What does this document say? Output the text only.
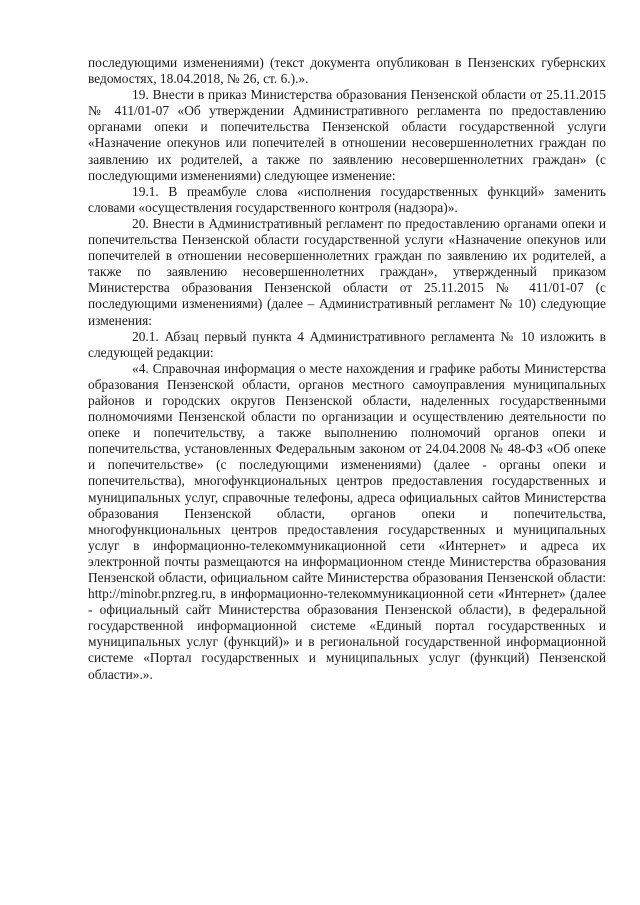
последующими изменениями) (текст документа опубликован в Пензенских губернских ведомостях, 18.04.2018, № 26, ст. 6.).».

19. Внести в приказ Министерства образования Пензенской области от 25.11.2015 № 411/01-07 «Об утверждении Административного регламента по предоставлению органами опеки и попечительства Пензенской области государственной услуги «Назначение опекунов или попечителей в отношении несовершеннолетних граждан по заявлению их родителей, а также по заявлению несовершеннолетних граждан» (с последующими изменениями) следующее изменение:

19.1. В преамбуле слова «исполнения государственных функций» заменить словами «осуществления государственного контроля (надзора)».

20. Внести в Административный регламент по предоставлению органами опеки и попечительства Пензенской области государственной услуги «Назначение опекунов или попечителей в отношении несовершеннолетних граждан по заявлению их родителей, а также по заявлению несовершеннолетних граждан», утвержденный приказом Министерства образования Пензенской области от 25.11.2015 № 411/01-07 (с последующими изменениями) (далее – Административный регламент № 10) следующие изменения:

20.1. Абзац первый пункта 4 Административного регламента № 10 изложить в следующей редакции:

«4. Справочная информация о месте нахождения и графике работы Министерства образования Пензенской области, органов местного самоуправления муниципальных районов и городских округов Пензенской области, наделенных государственными полномочиями Пензенской области по организации и осуществлению деятельности по опеке и попечительству, а также выполнению полномочий органов опеки и попечительства, установленных Федеральным законом от 24.04.2008 № 48-ФЗ «Об опеке и попечительстве» (с последующими изменениями) (далее - органы опеки и попечительства), многофункциональных центров предоставления государственных и муниципальных услуг, справочные телефоны, адреса официальных сайтов Министерства образования Пензенской области, органов опеки и попечительства, многофункциональных центров предоставления государственных и муниципальных услуг в информационно-телекоммуникационной сети «Интернет» и адреса их электронной почты размещаются на информационном стенде Министерства образования Пензенской области, официальном сайте Министерства образования Пензенской области: http://minobr.pnzreg.ru, в информационно-телекоммуникационной сети «Интернет» (далее - официальный сайт Министерства образования Пензенской области), в федеральной государственной информационной системе «Единый портал государственных и муниципальных услуг (функций)» и в региональной государственной информационной системе «Портал государственных и муниципальных услуг (функций) Пензенской области».».
